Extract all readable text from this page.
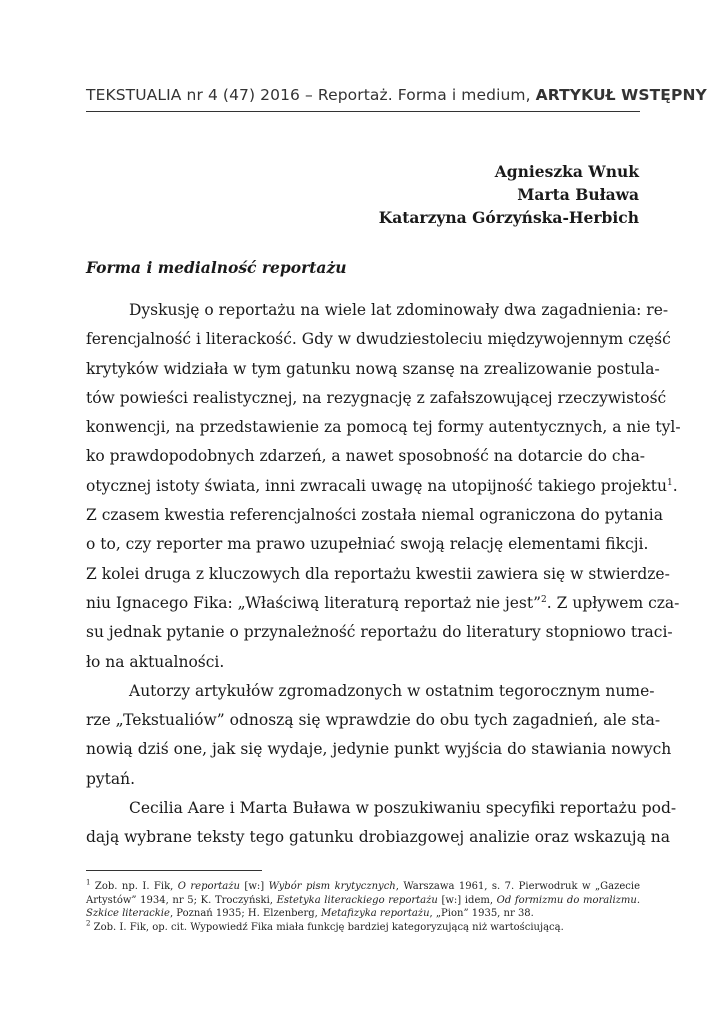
TEKSTUALIA nr 4 (47) 2016 – Reportaż. Forma i medium, ARTYKUŁ WSTĘPNY
Agnieszka Wnuk
Marta Buława
Katarzyna Górzyńska-Herbich
Forma i medialność reportażu
Dyskusję o reportażu na wiele lat zdominowały dwa zagadnienia: re-
ferencjalność i literackość. Gdy w dwudziestoleciu międzywojennym część
krytyków widziała w tym gatunku nową szansę na zrealizowanie postula-
tów powieści realistycznej, na rezygnację z zafałszowującej rzeczywistość
konwencji, na przedstawienie za pomocą tej formy autentycznych, a nie tyl-
ko prawdopodobnych zdarzeń, a nawet sposobność na dotarcie do cha-
otycznej istoty świata, inni zwracali uwagę na utopijność takiego projektu$^1$.
Z czasem kwestia referencjalności została niemal ograniczona do pytania
o to, czy reporter ma prawo uzupełniać swoją relację elementami fikcji.
Z kolei druga z kluczowych dla reportażu kwestii zawiera się w stwierdze-
niu Ignacego Fika: „Właściwą literaturą reportaż nie jest”$^2$. Z upływem cza-
su jednak pytanie o przynależność reportażu do literatury stopniowo traci-
ło na aktualności.
Autorzy artykułów zgromadzonych w ostatnim tegorocznym nume-
rze „Tekstualiów” odnoszą się wprawdzie do obu tych zagadnień, ale sta-
nowią dziś one, jak się wydaje, jedynie punkt wyjścia do stawiania nowych
pytań.
Cecilia Aare i Marta Buława w poszukiwaniu specyfiki reportażu pod-
dają wybrane teksty tego gatunku drobiazgowej analizie oraz wskazują na
$^1$ Zob. np. I. Fik, O reportażu [w:] Wybór pism krytycznych, Warszawa 1961, s. 7. Pierwodruk w „Gazecie
Artystów” 1934, nr 5; K. Troczyński, Estetyka literackiego reportażu [w:] idem, Od formizmu do moralizmu.
Szkice literackie, Poznań 1935; H. Elzenberg, Metafizyka reportażu, „Pion” 1935, nr 38.
$^2$ Zob. I. Fik, op. cit. Wypowiedź Fika miała funkcję bardziej kategoryzującą niż wartościującą.
